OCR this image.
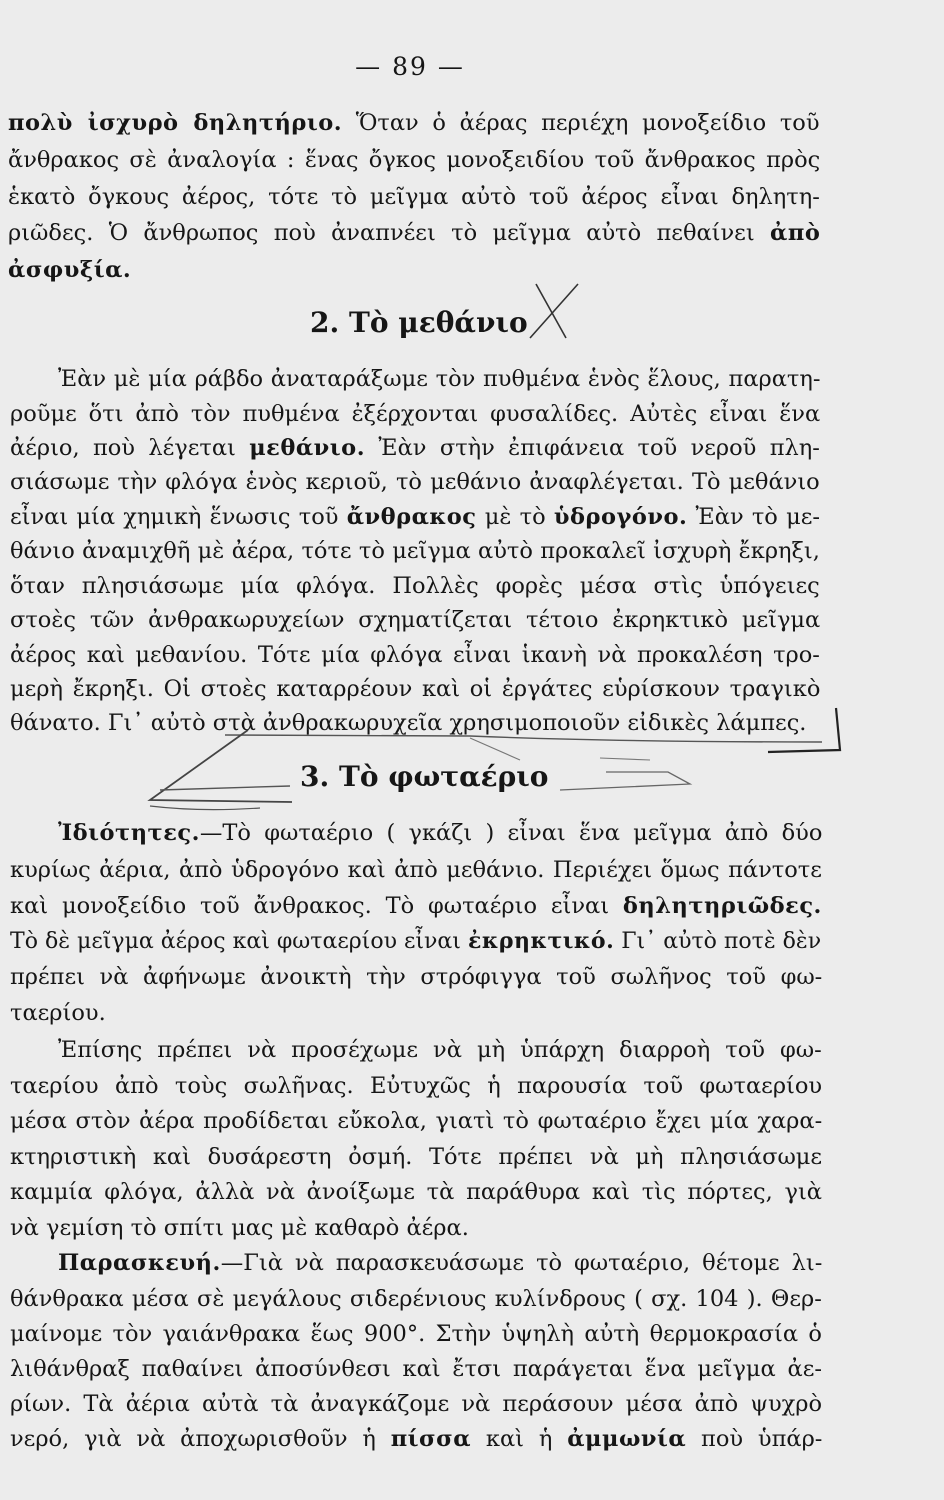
— 89 —
πολὺ ἰσχυρὸ δηλητήριο. Ὅταν ὁ ἀέρας περιέχη μονοξείδιο τοῦ
ἄνθρακος σὲ ἀναλογία : ἕνας ὄγκος μονοξειδίου τοῦ ἄνθρακος πρὸς
ἑκατὸ ὄγκους ἀέρος, τότε τὸ μεῖγμα αὐτὸ τοῦ ἀέρος εἶναι δηλητη-
ριῶδες. Ὁ ἄνθρωπος ποὺ ἀναπνέει τὸ μεῖγμα αὐτὸ πεθαίνει ἀπὸ
ἀσφυξία.
2. Τὸ μεθάνιο
Ἐὰν μὲ μία ράβδο ἀναταράξωμε τὸν πυθμένα ἑνὸς ἕλους, παρατη-
ροῦμε ὅτι ἀπὸ τὸν πυθμένα ἐξέρχονται φυσαλίδες. Αὐτὲς εἶναι ἕνα
ἀέριο, ποὺ λέγεται μεθάνιο. Ἐὰν στὴν ἐπιφάνεια τοῦ νεροῦ πλη-
σιάσωμε τὴν φλόγα ἑνὸς κεριοῦ, τὸ μεθάνιο ἀναφλέγεται. Τὸ μεθάνιο
εἶναι μία χημικὴ ἕνωσις τοῦ ἄνθρακος μὲ τὸ ὑδρογόνο. Ἐὰν τὸ με-
θάνιο ἀναμιχθῆ μὲ ἀέρα, τότε τὸ μεῖγμα αὐτὸ προκαλεῖ ἰσχυρὴ ἔκρηξι,
ὅταν πλησιάσωμε μία φλόγα. Πολλὲς φορὲς μέσα στὶς ὑπόγειες
στοὲς τῶν ἀνθρακωρυχείων σχηματίζεται τέτοιο ἐκρηκτικὸ μεῖγμα
ἀέρος καὶ μεθανίου. Τότε μία φλόγα εἶναι ἱκανὴ νὰ προκαλέση τρο-
μερὴ ἔκρηξι. Οἱ στοὲς καταρρέουν καὶ οἱ ἐργάτες εὑρίσκουν τραγικὸ
θάνατο. Γι᾽ αὐτὸ στὰ ἀνθρακωρυχεῖα χρησιμοποιοῦν εἰδικὲς λάμπες.
3. Τὸ φωταέριο
Ἰδιότητες.—Τὸ φωταέριο ( γκάζι ) εἶναι ἕνα μεῖγμα ἀπὸ δύο
κυρίως ἀέρια, ἀπὸ ὑδρογόνο καὶ ἀπὸ μεθάνιο. Περιέχει ὅμως πάντοτε
καὶ μονοξείδιο τοῦ ἄνθρακος. Τὸ φωταέριο εἶναι δηλητηριῶδες.
Τὸ δὲ μεῖγμα ἀέρος καὶ φωταερίου εἶναι ἐκρηκτικό. Γι᾽ αὐτὸ ποτὲ δὲν
πρέπει νὰ ἀφήνωμε ἀνοικτὴ τὴν στρόφιγγα τοῦ σωλῆνος τοῦ φω-
ταερίου.
Ἐπίσης πρέπει νὰ προσέχωμε νὰ μὴ ὑπάρχη διαρροὴ τοῦ φω-
ταερίου ἀπὸ τοὺς σωλῆνας. Εὐτυχῶς ἡ παρουσία τοῦ φωταερίου
μέσα στὸν ἀέρα προδίδεται εὔκολα, γιατὶ τὸ φωταέριο ἔχει μία χαρα-
κτηριστικὴ καὶ δυσάρεστη ὀσμή. Τότε πρέπει νὰ μὴ πλησιάσωμε
καμμία φλόγα, ἀλλὰ νὰ ἀνοίξωμε τὰ παράθυρα καὶ τὶς πόρτες, γιὰ
νὰ γεμίση τὸ σπίτι μας μὲ καθαρὸ ἀέρα.
Παρασκευή.—Γιὰ νὰ παρασκευάσωμε τὸ φωταέριο, θέτομε λι-
θάνθρακα μέσα σὲ μεγάλους σιδερένιους κυλίνδρους ( σχ. 104 ). Θερ-
μαίνομε τὸν γαιάνθρακα ἕως 900°. Στὴν ὑψηλὴ αὐτὴ θερμοκρασία ὁ
λιθάνθραξ παθαίνει ἀποσύνθεσι καὶ ἔτσι παράγεται ἕνα μεῖγμα ἀε-
ρίων. Τὰ ἀέρια αὐτὰ τὰ ἀναγκάζομε νὰ περάσουν μέσα ἀπὸ ψυχρὸ
νερό, γιὰ νὰ ἀποχωρισθοῦν ἡ πίσσα καὶ ἡ ἀμμωνία ποὺ ὑπάρ-
